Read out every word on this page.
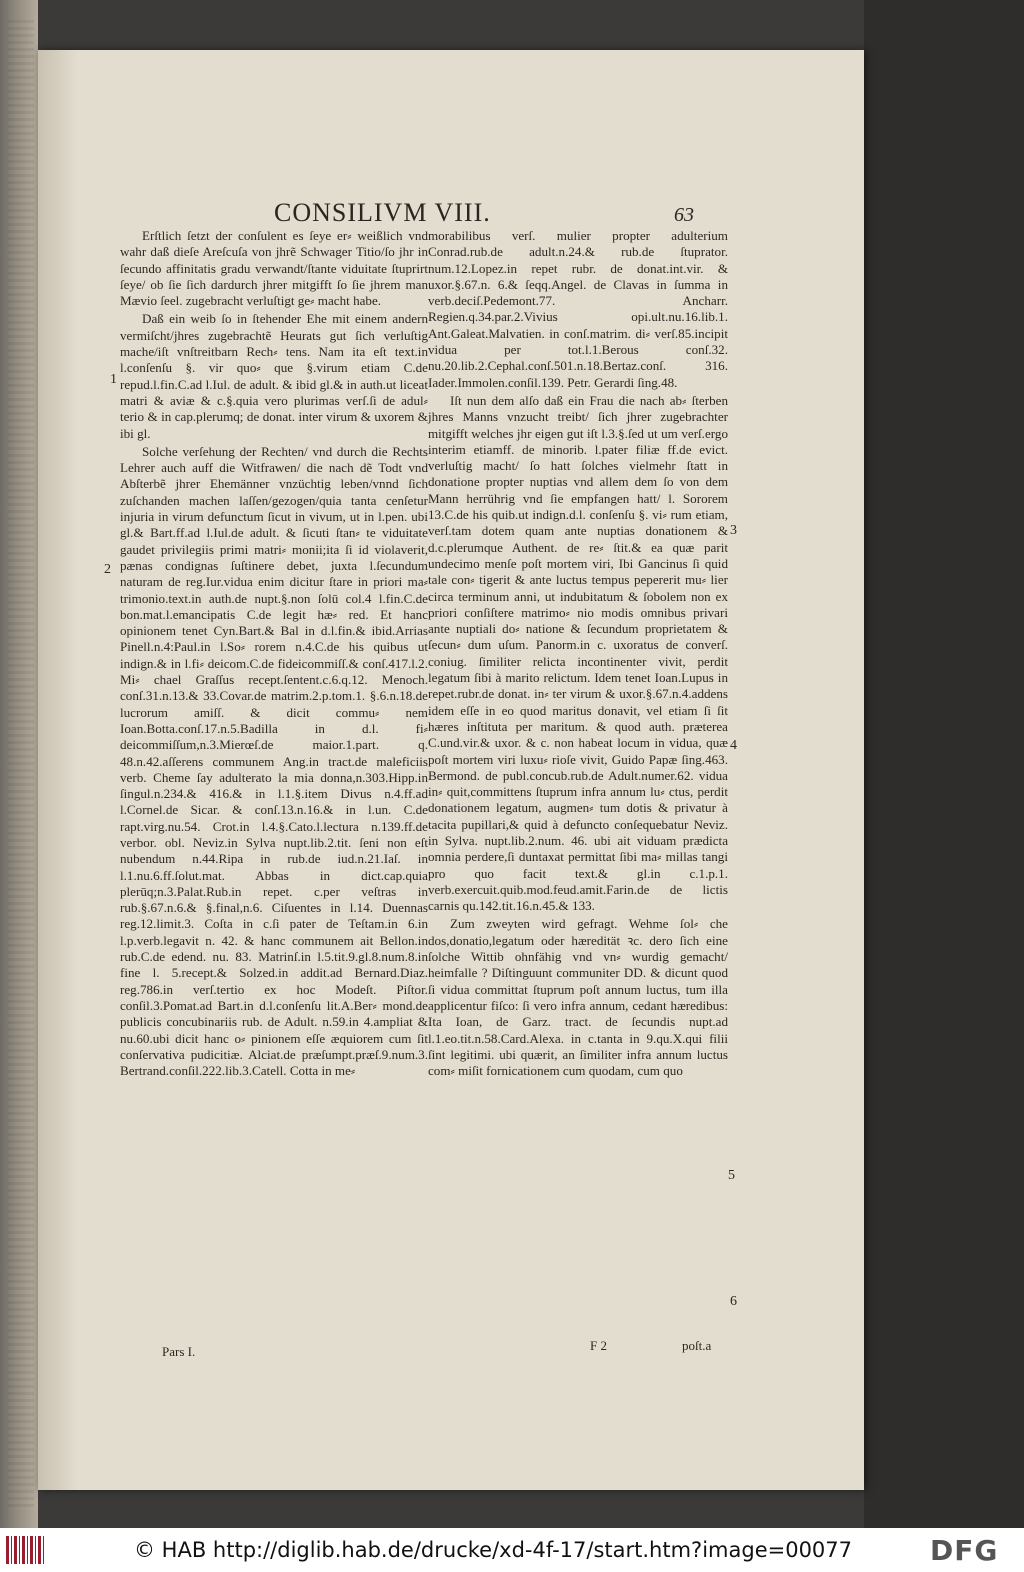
CONSILIVM VIII.	63

Erſtlich ſetzt der conſulent es ſeye er⸗ weißlich vnd wahr daß dieſe Areſcuſa von jhrẽ Schwager Titio/ſo jhr in ſecundo affinitatis gradu verwandt/ſtante viduitate ſtuprirt ſeye/ ob ſie ſich dardurch jhrer mitgifft ſo ſie jhrem man Mævio ſeel. zugebracht verluſtigt ge⸗ macht habe.

Daß ein weib ſo in ſtehender Ehe mit einem andern vermiſcht/jhres zugebrachtẽ Heurats gut ſich verluſtig mache/iſt vnſtreitbarn Rech⸗ tens. Nam ita eſt text.in l.conſenſu §. vir quo⸗ que §.virum etiam C.de repud.l.fin.C.ad l.Iul. de adult. & ibid gl.& in auth.ut liceat matri & aviæ & c.§.quia vero plurimas verſ.ſi de adul⸗ terio & in cap.plerumq; de donat. inter virum & uxorem & ibi gl.

Solche verſehung der Rechten/ vnd durch die Rechts Lehrer auch auff die Witfrawen/ die nach dẽ Todt vnd Abſterbẽ jhrer Ehemänner vnzüchtig leben/vnnd ſich zuſchanden machen laſſen/gezogen/quia tanta cenſetur injuria in virum defunctum ſicut in vivum, ut in l.pen. ubi gl.& Bart.ff.ad l.Iul.de adult. & ſicuti ſtan⸗ te viduitate gaudet privilegiis primi matri⸗ monii;ita ſi id violaverit, pænas condignas ſuſtinere debet, juxta l.ſecundum naturam de reg.Iur.vidua enim dicitur ſtare in priori ma⸗ trimonio.text.in auth.de nupt.§.non ſolū col.4 l.fin.C.de bon.mat.l.emancipatis C.de legit hæ⸗ red. Et hanc opinionem tenet Cyn.Bart.& Bal in d.l.fin.& ibid.Arrias Pinell.n.4:Paul.in l.So⸗ rorem n.4.C.de his quibus ut indign.& in l.fi⸗ deicom.C.de fideicommiſſ.& conſ.417.l.2. Mi⸗ chael Graſſus recept.ſentent.c.6.q.12. Menoch. conſ.31.n.13.& 33.Covar.de matrim.2.p.tom.1. §.6.n.18.de lucrorum amiſſ. & dicit commu⸗ nem Ioan.Botta.conſ.17.n.5.Badilla in d.l. fi⸗ deicommiſſum,n.3.Mierœſ.de maior.1.part. q. 48.n.42.aſſerens communem Ang.in tract.de maleficiis verb. Cheme ſay adulterato la mia donna,n.303.Hipp.in ſingul.n.234.& 416.& in l.1.§.item Divus n.4.ff.ad l.Cornel.de Sicar. & conſ.13.n.16.& in l.un. C.de rapt.virg.nu.54. Crot.in l.4.§.Cato.l.lectura n.139.ff.de verbor. obl. Neviz.in Sylva nupt.lib.2.tit. ſeni non eſt nubendum n.44.Ripa in rub.de iud.n.21.Iaſ. in l.1.nu.6.ff.ſolut.mat. Abbas in dict.cap.quia plerūq;n.3.Palat.Rub.in repet. c.per veſtras in rub.§.67.n.6.& §.final,n.6. Ciſuentes in l.14. Duennas reg.12.limit.3. Coſta in c.ſi pater de Teſtam.in 6.in l.p.verb.legavit n. 42. & hanc communem ait Bellon.in rub.C.de edend. nu. 83. Matrinſ.in l.5.tit.9.gl.8.num.8.in fine l. 5.recept.& Solzed.in addit.ad Bernard.Diaz. reg.786.in verſ.tertio ex hoc Modeſt. Piſtor. conſil.3.Pomat.ad Bart.in d.l.conſenſu lit.A.Ber⸗ mond.de publicis concubinariis rub. de Adult. n.59.in 4.ampliat & nu.60.ubi dicit hanc o⸗ pinionem eſſe æquiorem cum ſit conſervativa pudicitiæ. Alciat.de præſumpt.præſ.9.num.3. Bertrand.conſil.222.lib.3.Catell. Cotta in me⸗

morabilibus verſ. mulier propter adulterium Conrad.rub.de adult.n.24.& rub.de ſtuprator. num.12.Lopez.in repet rubr. de donat.int.vir. & uxor.§.67.n. 6.& ſeqq.Angel. de Clavas in ſumma in verb.deciſ.Pedemont.77. Ancharr. Regien.q.34.par.2.Vivius opi.ult.nu.16.lib.1. Ant.Galeat.Malvatien. in conſ.matrim. di⸗ verſ.85.incipit vidua per tot.l.1.Berous conſ.32. nu.20.lib.2.Cephal.conſ.501.n.18.Bertaz.conſ. 316. Iader.Immolen.conſil.139. Petr. Gerardi ſing.48.

Iſt nun dem alſo daß ein Frau die nach ab⸗ ſterben jhres Manns vnzucht treibt/ ſich jhrer zugebrachter mitgifft welches jhr eigen gut iſt l.3.§.ſed ut um verſ.ergo interim etiamff. de minorib. l.pater filiæ ff.de evict. verluſtig macht/ ſo hatt ſolches vielmehr ſtatt in donatione propter nuptias vnd allem dem ſo von dem Mann herrührig vnd ſie empfangen hatt/ l. Sororem 13.C.de his quib.ut indign.d.l. conſenſu §. vi⸗ rum etiam, verſ.tam dotem quam ante nuptias donationem & d.c.plerumque Authent. de re⸗ ſtit.& ea quæ parit undecimo menſe poſt mortem viri, Ibi Gancinus ſi quid tale con⸗ tigerit & ante luctus tempus pepererit mu⸗ lier circa terminum anni, ut indubitatum & ſobolem non ex priori conſiſtere matrimo⸗ nio modis omnibus privari ante nuptiali do⸗ natione & ſecundum proprietatem & ſecun⸗ dum uſum. Panorm.in c. uxoratus de converſ. coniug. ſimiliter relicta incontinenter vivit, perdit legatum ſibi à marito relictum. Idem tenet Ioan.Lupus in repet.rubr.de donat. in⸗ ter virum & uxor.§.67.n.4.addens idem eſſe in eo quod maritus donavit, vel etiam ſi ſit hæres inſtituta per maritum. & quod auth. præterea C.und.vir.& uxor. & c. non habeat locum in vidua, quæ poſt mortem viri luxu⸗ rioſe vivit, Guido Papæ ſing.463. Bermond. de publ.concub.rub.de Adult.numer.62. vidua in⸗ quit,committens ſtuprum infra annum lu⸗ ctus, perdit donationem legatum, augmen⸗ tum dotis & privatur à tacita pupillari,& quid à defuncto conſequebatur Neviz. in Sylva. nupt.lib.2.num. 46. ubi ait viduam prædicta omnia perdere,ſi duntaxat permittat ſibi ma⸗ millas tangi pro quo facit text.& gl.in c.1.p.1. verb.exercuit.quib.mod.feud.amit.Farin.de de lictis carnis qu.142.tit.16.n.45.& 133.

Zum zweyten wird gefragt. Wehme ſol⸗ che dos,donatio,legatum oder hæredität ꝛc. dero ſich eine ſolche Wittib ohnfähig vnd vn⸗ wurdig gemacht/ heimfalle ? Diſtinguunt communiter DD. & dicunt quod ſi vidua committat ſtuprum poſt annum luctus, tum illa applicentur fiſco: ſi vero infra annum, cedant hæredibus: Ita Ioan, de Garz. tract. de ſecundis nupt.ad l.1.eo.tit.n.58.Card.Alexa. in c.tanta in 9.qu.X.qui filii ſint legitimi. ubi quærit, an ſimiliter infra annum luctus com⸗ miſit fornicationem cum quodam, cum quo

1
2
3
4
5
6
Pars I.	F 2	poſt.a
© HAB http://diglib.hab.de/drucke/xd-4f-17/start.htm?image=00077	DFG
